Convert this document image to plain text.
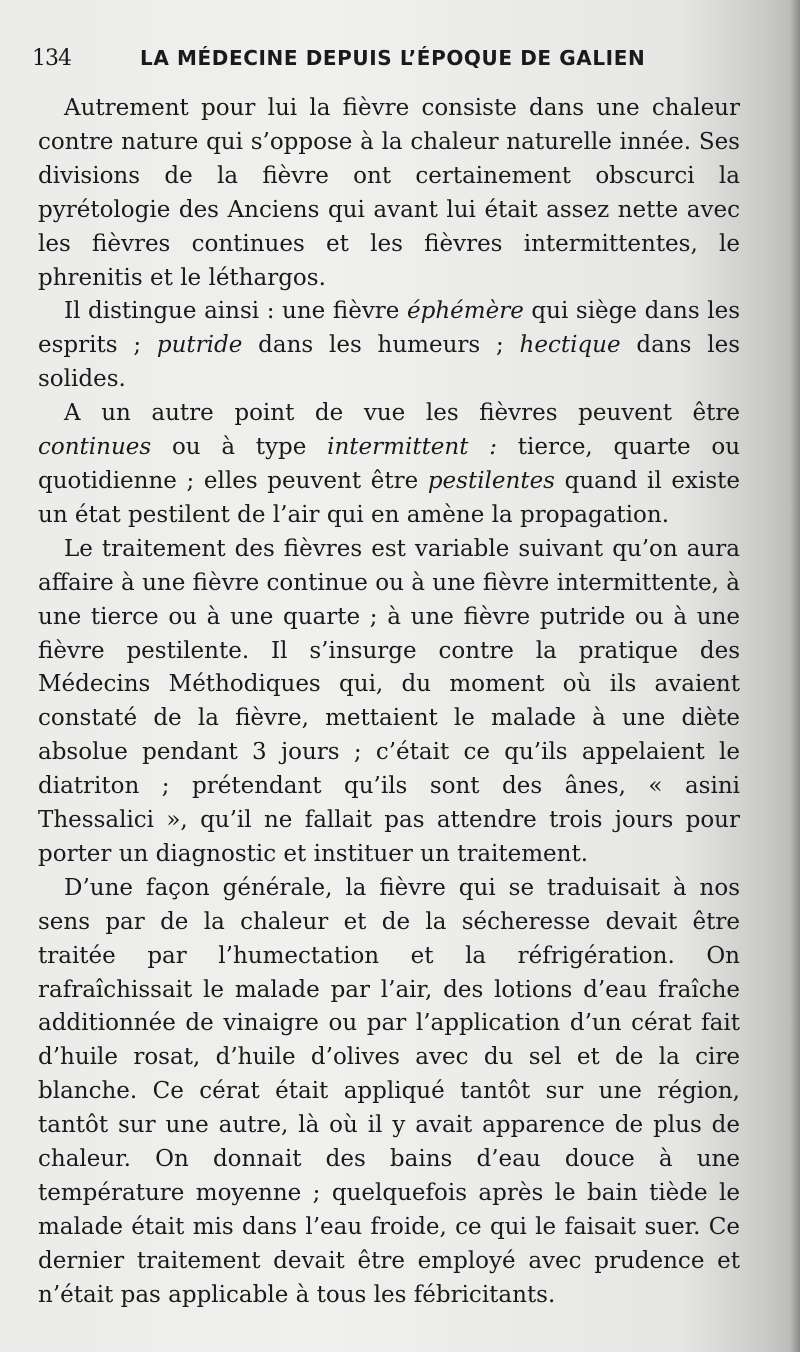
134	LA MÉDECINE DEPUIS L’ÉPOQUE DE GALIEN

Autrement pour lui la fièvre consiste dans une chaleur contre nature qui s’oppose à la chaleur naturelle innée. Ses divisions de la fièvre ont certainement obscurci la pyrétologie des Anciens qui avant lui était assez nette avec les fièvres continues et les fièvres intermittentes, le phrenitis et le léthargos.

Il distingue ainsi : une fièvre éphémère qui siège dans les esprits ; putride dans les humeurs ; hectique dans les solides.

A un autre point de vue les fièvres peuvent être continues ou à type intermittent : tierce, quarte ou quotidienne ; elles peuvent être pestilentes quand il existe un état pestilent de l’air qui en amène la propagation.

Le traitement des fièvres est variable suivant qu’on aura affaire à une fièvre continue ou à une fièvre intermittente, à une tierce ou à une quarte ; à une fièvre putride ou à une fièvre pestilente. Il s’insurge contre la pratique des Médecins Méthodiques qui, du moment où ils avaient constaté de la fièvre, mettaient le malade à une diète absolue pendant 3 jours ; c’était ce qu’ils appelaient le diatriton ; prétendant qu’ils sont des ânes, « asini Thessalici », qu’il ne fallait pas attendre trois jours pour porter un diagnostic et instituer un traitement.

D’une façon générale, la fièvre qui se traduisait à nos sens par de la chaleur et de la sécheresse devait être traitée par l’humectation et la réfrigération. On rafraîchissait le malade par l’air, des lotions d’eau fraîche additionnée de vinaigre ou par l’application d’un cérat fait d’huile rosat, d’huile d’olives avec du sel et de la cire blanche. Ce cérat était appliqué tantôt sur une région, tantôt sur une autre, là où il y avait apparence de plus de chaleur. On donnait des bains d’eau douce à une température moyenne ; quelquefois après le bain tiède le malade était mis dans l’eau froide, ce qui le faisait suer. Ce dernier traitement devait être employé avec prudence et n’était pas applicable à tous les fébricitants.
